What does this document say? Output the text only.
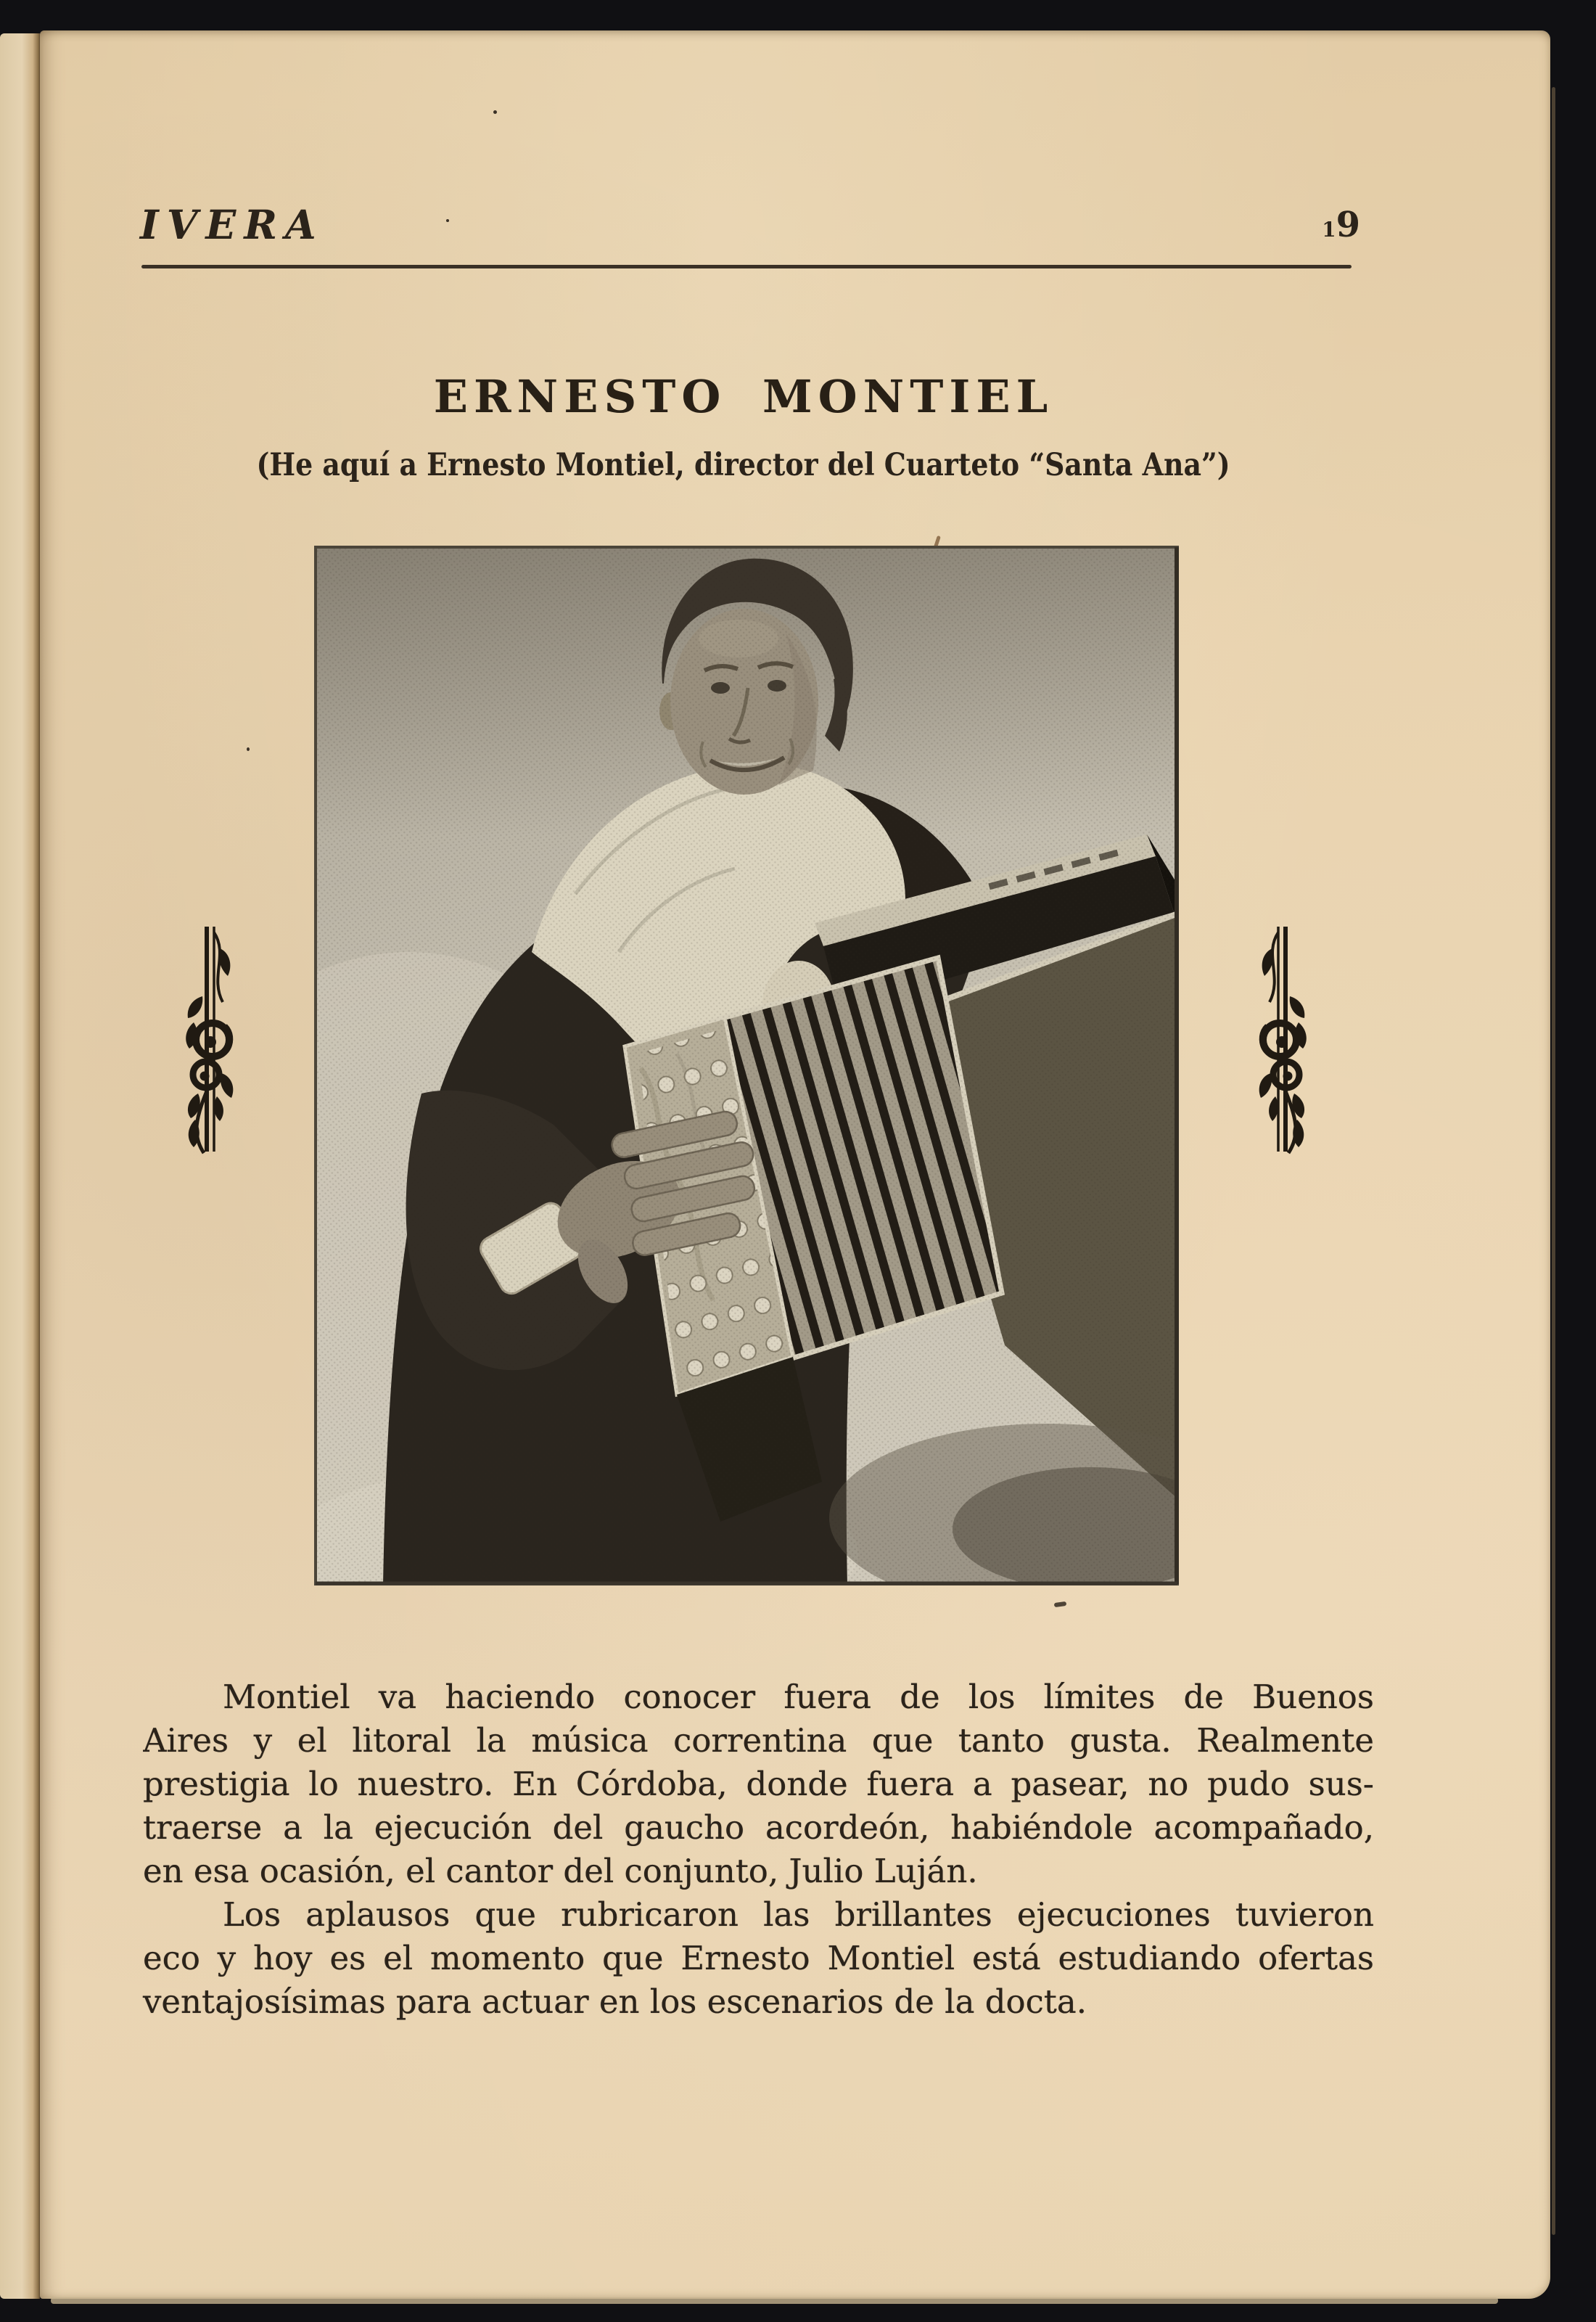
IVERA	19
ERNESTO MONTIEL

(He aquí a Ernesto Montiel, director del Cuarteto “Santa Ana”)

Montiel va haciendo conocer fuera de los límites de Buenos
Aires y el litoral la música correntina que tanto gusta. Realmente
prestigia lo nuestro. En Córdoba, donde fuera a pasear, no pudo sus-
traerse a la ejecución del gaucho acordeón, habiéndole acompañado,
en esa ocasión, el cantor del conjunto, Julio Luján.
Los aplausos que rubricaron las brillantes ejecuciones tuvieron
eco y hoy es el momento que Ernesto Montiel está estudiando ofertas
ventajosísimas para actuar en los escenarios de la docta.
